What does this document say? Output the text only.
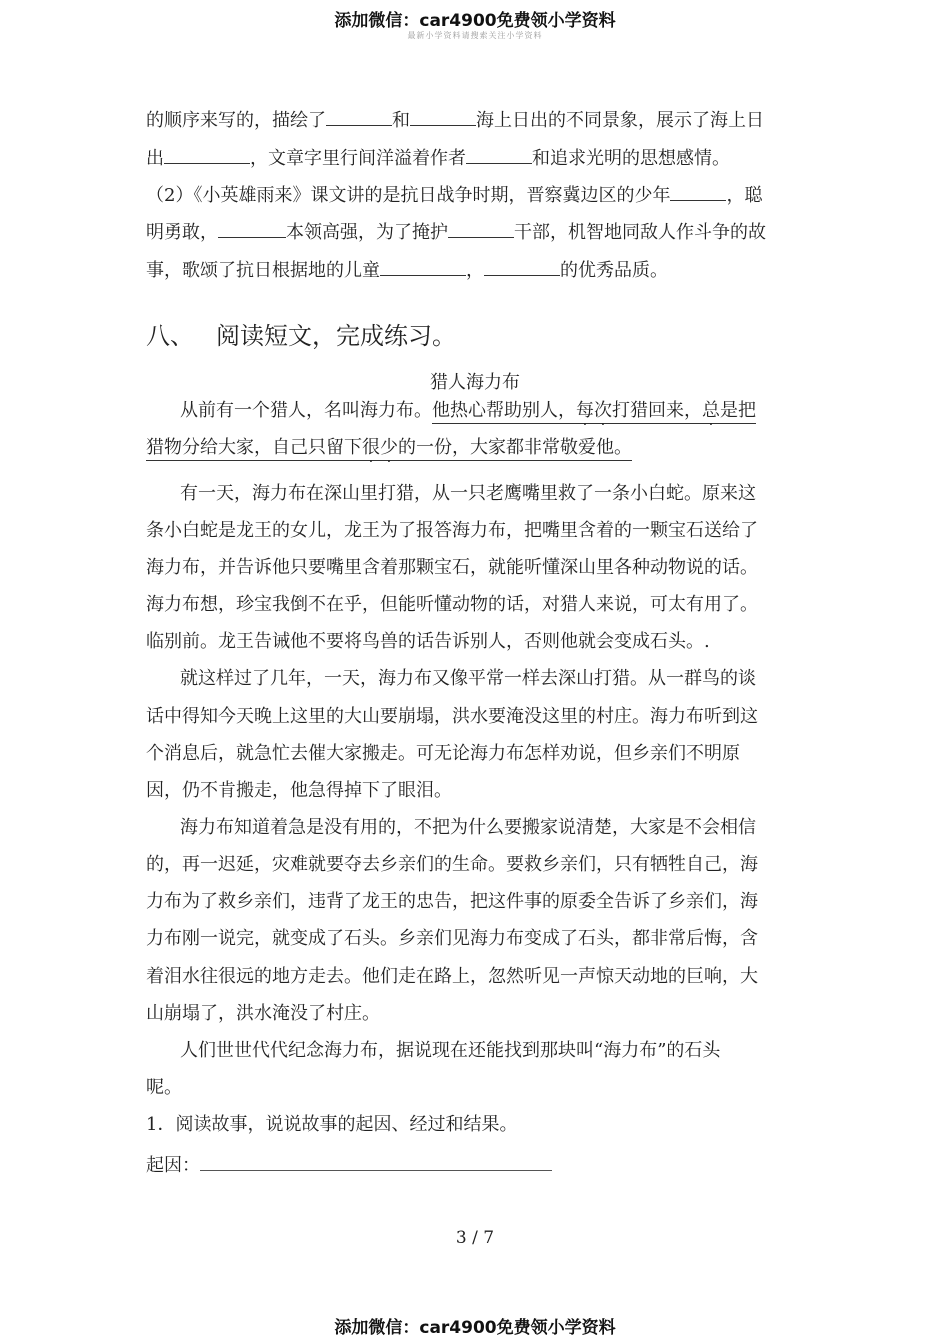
添加微信：car4900免费领小学资料
最新小学资料请搜索关注小学资料
的顺序来写的，描绘了	和	海上日出的不同景象，展示了海上日
出	，文章字里行间洋溢着作者	和追求光明的思想感情。
（2）《小英雄雨来》课文讲的是抗日战争时期，晋察冀边区的少年	，聪
明勇敢，	本领高强，为了掩护	干部，机智地同敌人作斗争的故
事，歌颂了抗日根据地的儿童	，	的优秀品质。
八、 阅读短文，完成练习。
猎人海力布
从前有一个猎人，名叫海力布。他热心帮助别人，每次打猎回来，总是把
猎物分给大家，自己只留下很少的一份，大家都非常敬爱他。
有一天，海力布在深山里打猎，从一只老鹰嘴里救了一条小白蛇。原来这
条小白蛇是龙王的女儿，龙王为了报答海力布，把嘴里含着的一颗宝石送给了
海力布，并告诉他只要嘴里含着那颗宝石，就能听懂深山里各种动物说的话。
海力布想，珍宝我倒不在乎，但能听懂动物的话，对猎人来说，可太有用了。
临别前。龙王告诫他不要将鸟兽的话告诉别人，否则他就会变成石头。.
就这样过了几年，一天，海力布又像平常一样去深山打猎。从一群鸟的谈
话中得知今天晚上这里的大山要崩塌，洪水要淹没这里的村庄。海力布听到这
个消息后，就急忙去催大家搬走。可无论海力布怎样劝说，但乡亲们不明原
因，仍不肯搬走，他急得掉下了眼泪。
海力布知道着急是没有用的，不把为什么要搬家说清楚，大家是不会相信
的，再一迟延，灾难就要夺去乡亲们的生命。要救乡亲们，只有牺牲自己，海
力布为了救乡亲们，违背了龙王的忠告，把这件事的原委全告诉了乡亲们，海
力布刚一说完，就变成了石头。乡亲们见海力布变成了石头，都非常后悔，含
着泪水往很远的地方走去。他们走在路上，忽然听见一声惊天动地的巨响，大
山崩塌了，洪水淹没了村庄。
人们世世代代纪念海力布，据说现在还能找到那块叫“海力布”的石头
呢。
1．阅读故事，说说故事的起因、经过和结果。
起因：
3 / 7
添加微信：car4900免费领小学资料
